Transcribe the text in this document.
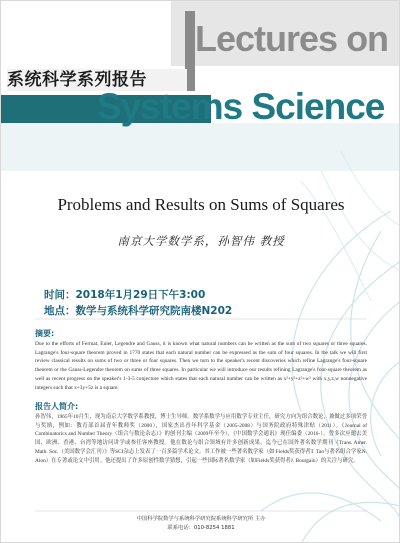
系统科学系列报告
Lectures on
Systems Science
Problems and Results on Sums of Squares
南京大学数学系，孙智伟 教授
时间：2018年1月29日下午3:00
地点：数学与系统科学研究院南楼N202
摘要:
Due to the efforts of Fermat, Euler, Legendre and Gauss, it is known what natural numbers can be written as the sum of two squares or three squares. Lagrange's four-square theorem proved in 1770 states that each natural number can be expressed as the sum of four squares. In the talk we will first review classical results on sums of two or three or four squares. Then we turn to the speaker's recent discoveries which refine Lagrange's four-square theorem or the Gauss-Legendre theorem on sums of three squares. In particular we will introduce our results refining Lagrange's four-square theorem as well as recent progress on the speaker's 1-3-5 conjecture which states that each natural number can be written as x²+y²+z²+w² with x,y,z,w nonnegative integers such that x+3y+5z is a square.
报告人简介:
孙智伟，1965年10月生，现为南京大学数学系教授，博士生导师。数学系数学与应用数学专业主任，研究方向为组合数论，兼做过多项荣誉与奖励，例如：教育部首届青年教师奖（2000），国家杰出青年科学基金（2005-2008）与国务院政府特殊津贴（2011）。《Journal of Combinatorics and Number Theory（组合与数论杂志）》的创刊主编（2009年至今），《中国数学会通讯》现任编委（2016-）。曾多次应邀去美国、欧洲、香港、台湾等地访问讲学或参任客座教授。他在数论与组合领域有许多创新成果，迄今已在国外著名数学期刊《Trans. Amer. Math. Soc.（美国数学会汇刊）》等SCI杂志上发表了一百多篇学术论文。其工作被一些著名数学家（如 Fields奖获得者T. Tao与著名组合学家N. Alon）在专著或论文中引用。他还提出了许多原创性数学猜想，引起一些国际著名数学家（如Fields奖获得者J. Bourgain）的关注与研究。
中国科学院数学与系统科学研究院系统科学研究所 主办
联系电话：010-8254 1881
